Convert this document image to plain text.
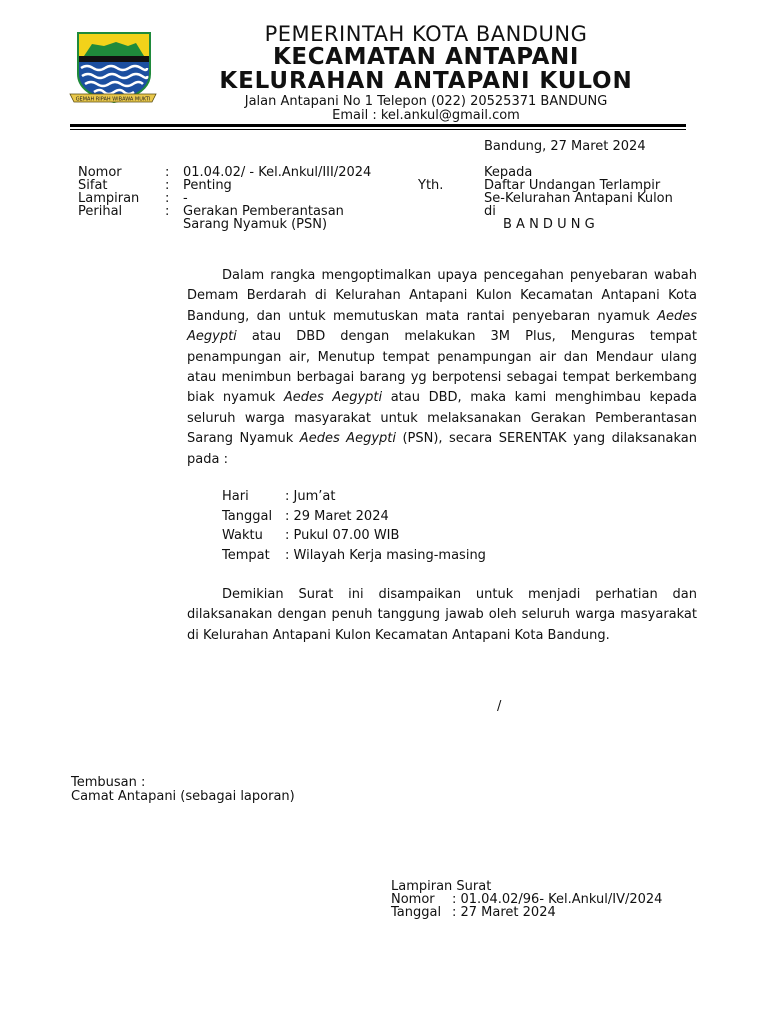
GEMAH RIPAH WIBAWA MUKTI
PEMERINTAH KOTA BANDUNG
KECAMATAN ANTAPANI
KELURAHAN ANTAPANI KULON
Jalan Antapani No 1 Telepon (022) 20525371 BANDUNG
Email : kel.ankul@gmail.com
Bandung, 27 Maret 2024
Nomor	:	01.04.02/ - Kel.Ankul/III/2024
Sifat	:	Penting
Lampiran	:	-
Perihal	:	Gerakan Pemberantasan
		Sarang Nyamuk (PSN)
Yth.
Kepada
Daftar Undangan Terlampir
Se-Kelurahan Antapani Kulon
di
B A N D U N G
Dalam rangka mengoptimalkan upaya pencegahan penyebaran wabah Demam Berdarah di Kelurahan Antapani Kulon Kecamatan Antapani Kota Bandung, dan untuk memutuskan mata rantai penyebaran nyamuk Aedes Aegypti atau DBD dengan melakukan 3M Plus, Menguras tempat penampungan air, Menutup tempat penampungan air dan Mendaur ulang atau menimbun berbagai barang yg berpotensi sebagai tempat berkembang biak nyamuk Aedes Aegypti atau DBD, maka kami menghimbau kepada seluruh warga masyarakat untuk melaksanakan Gerakan Pemberantasan Sarang Nyamuk Aedes Aegypti (PSN), secara SERENTAK yang dilaksanakan pada :
Hari	: Jum’at
Tanggal	: 29 Maret 2024
Waktu	: Pukul 07.00 WIB
Tempat	: Wilayah Kerja masing-masing
Demikian Surat ini disampaikan untuk menjadi perhatian dan dilaksanakan dengan penuh tanggung jawab oleh seluruh warga masyarakat di Kelurahan Antapani Kulon Kecamatan Antapani Kota Bandung.
/
Tembusan :
Camat Antapani (sebagai laporan)
Lampiran Surat
Nomor	: 01.04.02/96- Kel.Ankul/IV/2024
Tanggal	: 27 Maret 2024
